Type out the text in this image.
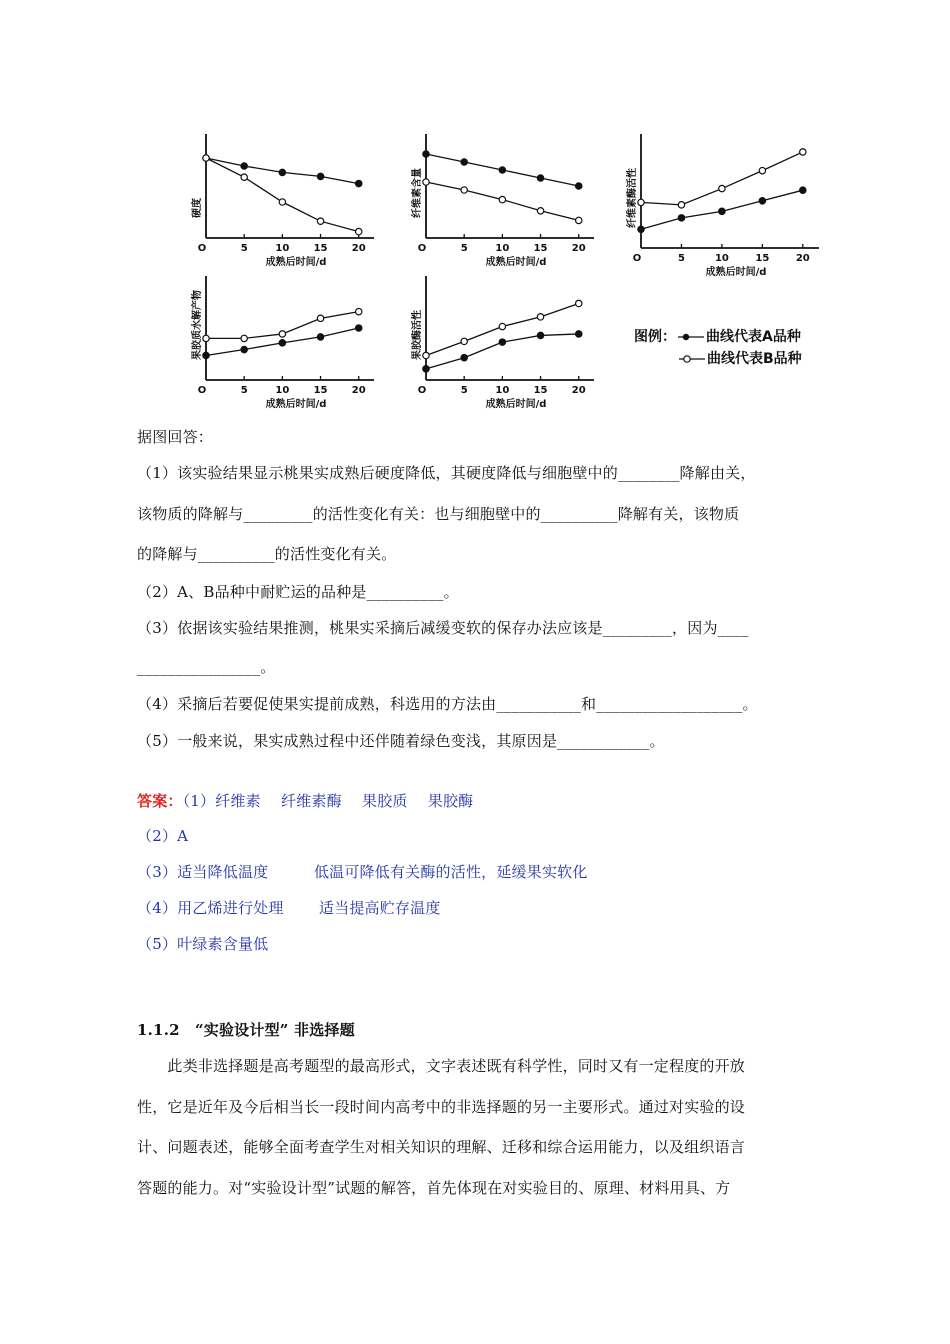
O	5	10 15 20
成熟后时间/d
硬度
O	5	10 15 20
成熟后时间/d
纤维素含量
O	5	10	15	20
成熟后时间/d
纤维素酶活性
O	5	10 15 20
成熟后时间/d
果胶质水解产物
O	5	10 15 20
成熟后时间/d
果胶酶活性	图例： 曲线代表A品种
曲线代表B品种
据图回答：
（1）该实验结果显示桃果实成熟后硬度降低，其硬度降低与细胞壁中的________降解由关，
该物质的降解与_________的活性变化有关：也与细胞壁中的__________降解有关，该物质
的降解与__________的活性变化有关。
（2）A、B品种中耐贮运的品种是__________。
（3）依据该实验结果推测，桃果实采摘后减缓变软的保存办法应该是_________，因为____
________________。
（4）采摘后若要促使果实提前成熟，科选用的方法由___________和___________________。
（5）一般来说，果实成熟过程中还伴随着绿色变浅，其原因是____________。
答案：（1）纤维素　 纤维素酶　 果胶质　 果胶酶
（2）A
（3）适当降低温度　　　低温可降低有关酶的活性，延缓果实软化
（4）用乙烯进行处理　　 适当提高贮存温度
（5）叶绿素含量低
1.1.2　“实验设计型” 非选择题
　　此类非选择题是高考题型的最高形式，文字表述既有科学性，同时又有一定程度的开放
性，它是近年及今后相当长一段时间内高考中的非选择题的另一主要形式。通过对实验的设
计、问题表述，能够全面考查学生对相关知识的理解、迁移和综合运用能力，以及组织语言
答题的能力。对“实验设计型”试题的解答，首先体现在对实验目的、原理、材料用具、方
